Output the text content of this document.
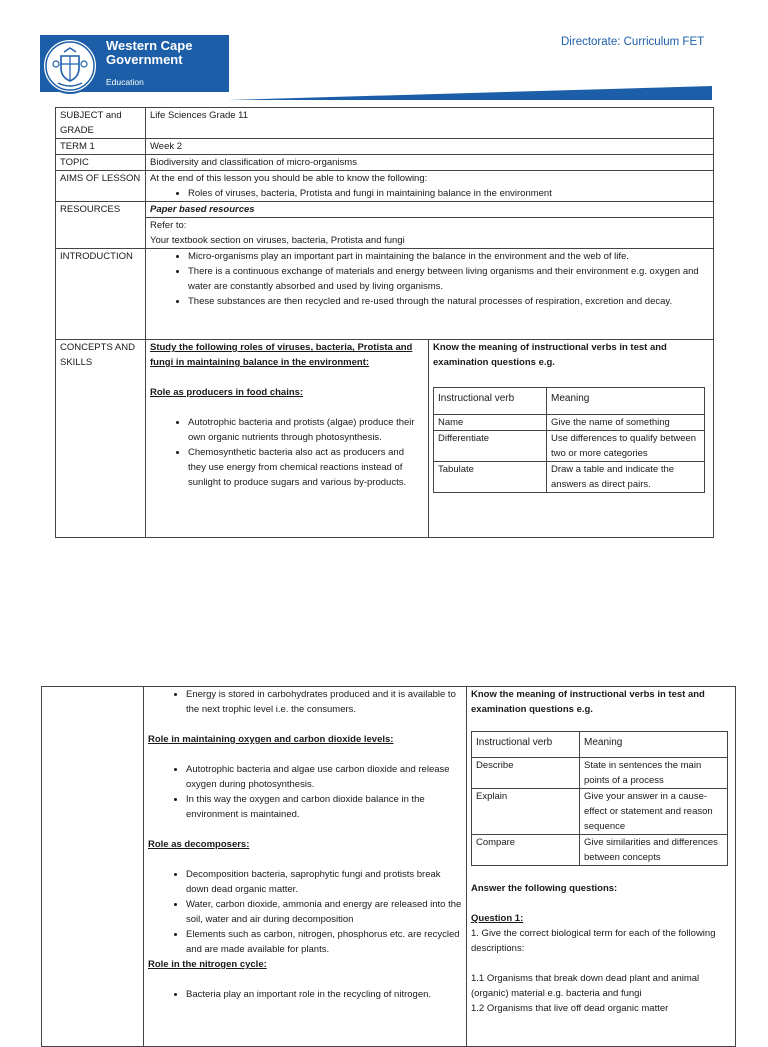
Western Cape
Government
Education
Directorate: Curriculum FET
SUBJECT and GRADE	Life Sciences Grade 11
TERM 1	Week 2
TOPIC	Biodiversity and classification of micro-organisms
AIMS OF LESSON	At the end of this lesson you should be able to know the following:
• Roles of viruses, bacteria, Protista and fungi in maintaining balance in the environment

RESOURCES	Paper based resources

Refer to:
Your textbook section on viruses, bacteria, Protista and fungi

INTRODUCTION	
•Micro-organisms play an important part in maintaining the balance in the environment and the web of life.
• There is a continuous exchange of materials and energy between living organisms and their environment e.g. oxygen and water are constantly absorbed and used by living organisms.
• These substances are then recycled and re-used through the natural processes of respiration, excretion and decay.

CONCEPTS AND SKILLS	
Study the following roles of viruses, bacteria, Protista and fungi in maintaining balance in the environment:
Role as producers in food chains:
• Autotrophic bacteria and protists (algae) produce their own organic nutrients through photosynthesis.
• Chemosynthetic bacteria also act as producers and they use energy from chemical reactions instead of sunlight to produce sugars and various by-products.

Know the meaning of instructional verbs in test and examination questions e.g.
Instructional verb	Meaning
Name	Give the name of something
Differentiate	Use differences to qualify between two or more categories
Tabulate	Draw a table and indicate the answers as direct pairs.

• Energy is stored in carbohydrates produced and it is available to the next trophic level i.e. the consumers.
Role in maintaining oxygen and carbon dioxide levels:
• Autotrophic bacteria and algae use carbon dioxide and release oxygen during photosynthesis.
• In this way the oxygen and carbon dioxide balance in the environment is maintained.
Role as decomposers:
• Decomposition bacteria, saprophytic fungi and protists break down dead organic matter.
• Water, carbon dioxide, ammonia and energy are released into the soil, water and air during decomposition
• Elements such as carbon, nitrogen, phosphorus etc. are recycled and are made available for plants.
Role in the nitrogen cycle:
• Bacteria play an important role in the recycling of nitrogen.

Know the meaning of instructional verbs in test and examination questions e.g.
Instructional verb	Meaning
Describe	State in sentences the main points of a process
Explain	Give your answer in a cause-effect or statement and reason sequence
Compare	Give similarities and differences between concepts
Answer the following questions:
Question 1:
1. Give the correct biological term for each of the following descriptions:
1.1 Organisms that break down dead plant and animal (organic) material e.g. bacteria and fungi
1.2 Organisms that live off dead organic matter
